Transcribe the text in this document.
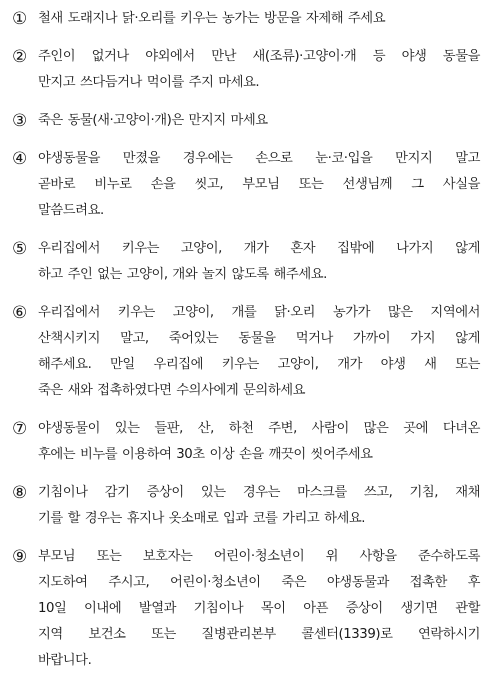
① 철새 도래지나 닭·오리를 키우는 농가는 방문을 자제해 주세요
② 주인이 없거나 야외에서 만난 새(조류)·고양이·개 등 야생 동물을
만지고 쓰다듬거나 먹이를 주지 마세요.
③ 죽은 동물(새·고양이·개)은 만지지 마세요
④ 야생동물을 만졌을 경우에는 손으로 눈·코·입을 만지지 말고
곧바로 비누로 손을 씻고, 부모님 또는 선생님께 그 사실을
말씀드려요.
⑤ 우리집에서 키우는 고양이, 개가 혼자 집밖에 나가지 않게
하고 주인 없는 고양이, 개와 놀지 않도록 해주세요.
⑥ 우리집에서 키우는 고양이, 개를 닭·오리 농가가 많은 지역에서
산책시키지 말고, 죽어있는 동물을 먹거나 가까이 가지 않게
해주세요. 만일 우리집에 키우는 고양이, 개가 야생 새 또는
죽은 새와 접촉하였다면 수의사에게 문의하세요
⑦ 야생동물이 있는 들판, 산, 하천 주변, 사람이 많은 곳에 다녀온
후에는 비누를 이용하여 30초 이상 손을 깨끗이 씻어주세요
⑧ 기침이나 감기 증상이 있는 경우는 마스크를 쓰고, 기침, 재채
기를 할 경우는 휴지나 옷소매로 입과 코를 가리고 하세요.
⑨ 부모님 또는 보호자는 어린이·청소년이 위 사항을 준수하도록
지도하여 주시고, 어린이·청소년이 죽은 야생동물과 접촉한 후
10일 이내에 발열과 기침이나 목이 아픈 증상이 생기면 관할
지역 보건소 또는 질병관리본부 콜센터(1339)로 연락하시기
바랍니다.
